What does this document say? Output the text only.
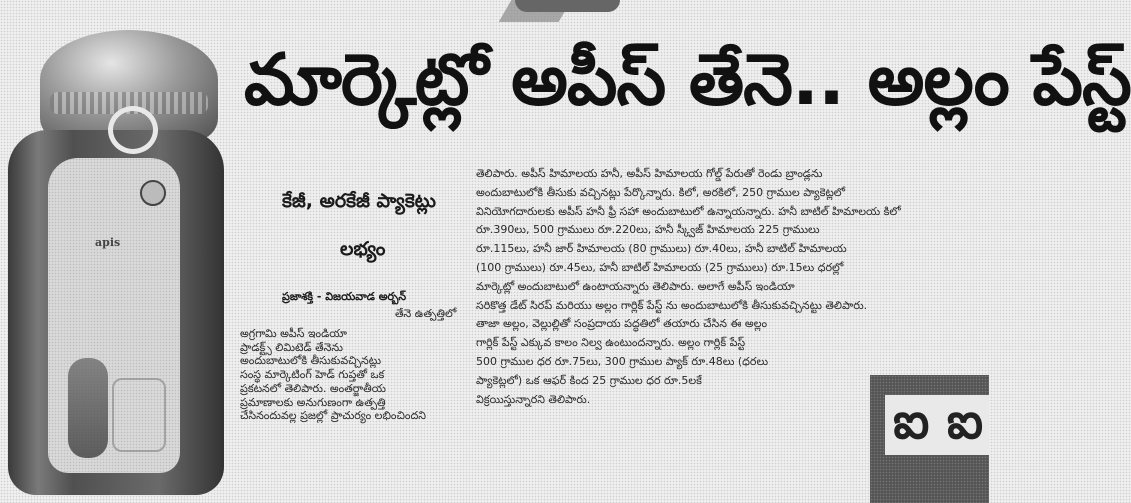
apis
మార్కెట్లో అపీస్ తేనె.. అల్లం పేస్ట్
కేజీ, అరకేజీ ప్యాకెట్లు
లభ్యం
ప్రజాశక్తి - విజయవాడ అర్బన్
తేనె ఉత్పత్తిలో

అగ్రగామి అపీస్ ఇండియా

ప్రాడక్ట్స్ లిమిటెడ్ తేనెను

అందుబాటులోకి తీసుకువచ్చినట్లు

సంస్థ మార్కెటింగ్ హెడ్ గుప్తతో ఒక

ప్రకటనలో తెలిపారు. అంతర్జాతీయ

ప్రమాణాలకు అనుగుణంగా ఉత్పత్తి

చేసినందువల్ల ప్రజల్లో ప్రాచుర్యం లభించిందని

తెలిపారు. అపీస్ హిమాలయ హనీ, అపీస్ హిమాలయ గోల్డ్ పేరుతో రెండు బ్రాండ్లను

అందుబాటులోకి తీసుకు వచ్చినట్లు పేర్కొన్నారు. కిలో, అరకిలో, 250 గ్రాముల ప్యాకెట్లలో

వినియోగదారులకు అపీస్ హనీ ఫ్రీ సహా అందుబాటులో ఉన్నాయన్నారు. హనీ బాటిల్ హిమాలయ కిలో

రూ.390లు, 500 గ్రాములు రూ.220లు, హనీ స్క్వీజ్ హిమాలయ 225 గ్రాములు

రూ.115లు, హనీ జార్ హిమాలయ (80 గ్రాములు) రూ.40లు, హనీ బాటిల్ హిమాలయ

(100 గ్రాములు) రూ.45లు, హనీ బాటిల్ హిమాలయ (25 గ్రాములు) రూ.15లు ధరల్లో

మార్కెట్లో అందుబాటులో ఉంటాయన్నారు తెలిపారు. అలాగే అపీస్ ఇండియా

సరికొత్త డేట్ సిరప్ మరియు అల్లం గార్లిక్ పేస్ట్ ను అందుబాటులోకి తీసుకువచ్చినట్టు తెలిపారు.

తాజా అల్లం, వెల్లుల్లితో సంప్రదాయ పద్ధతిలో తయారు చేసిన ఈ అల్లం

గార్లిక్ పేస్ట్ ఎక్కువ కాలం నిల్వ ఉంటుందన్నారు. అల్లం గార్లిక్ పేస్ట్

500 గ్రాముల ధర రూ.75లు, 300 గ్రాముల ప్యాక్ రూ.48లు (ధరలు

ప్యాకెట్లలో) ఒక ఆఫర్ కింద 25 గ్రాముల ధర రూ.5లకే

విక్రయిస్తున్నారని తెలిపారు.	ఐ ఐ
